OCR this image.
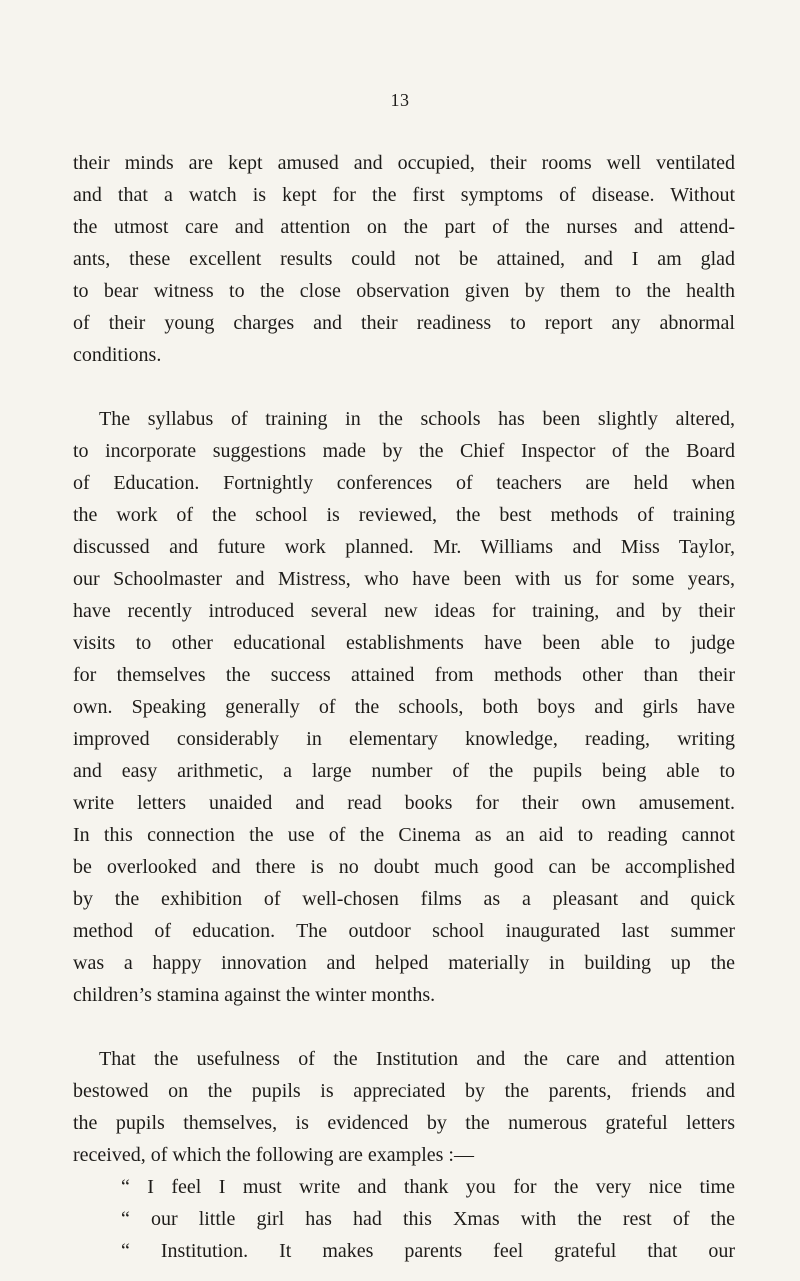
13
their minds are kept amused and occupied, their rooms well ventilated
and that a watch is kept for the first symptoms of disease. Without
the utmost care and attention on the part of the nurses and attend-
ants, these excellent results could not be attained, and I am glad
to bear witness to the close observation given by them to the health
of their young charges and their readiness to report any abnormal
conditions.
The syllabus of training in the schools has been slightly altered,
to incorporate suggestions made by the Chief Inspector of the Board
of Education. Fortnightly conferences of teachers are held when
the work of the school is reviewed, the best methods of training
discussed and future work planned. Mr. Williams and Miss Taylor,
our Schoolmaster and Mistress, who have been with us for some years,
have recently introduced several new ideas for training, and by their
visits to other educational establishments have been able to judge
for themselves the success attained from methods other than their
own. Speaking generally of the schools, both boys and girls have
improved considerably in elementary knowledge, reading, writing
and easy arithmetic, a large number of the pupils being able to
write letters unaided and read books for their own amusement.
In this connection the use of the Cinema as an aid to reading cannot
be overlooked and there is no doubt much good can be accomplished
by the exhibition of well-chosen films as a pleasant and quick
method of education. The outdoor school inaugurated last summer
was a happy innovation and helped materially in building up the
children’s stamina against the winter months.
That the usefulness of the Institution and the care and attention
bestowed on the pupils is appreciated by the parents, friends and
the pupils themselves, is evidenced by the numerous grateful letters
received, of which the following are examples :—
“ I feel I must write and thank you for the very nice time
“ our little girl has had this Xmas with the rest of the
“ Institution. It makes parents feel grateful that our
